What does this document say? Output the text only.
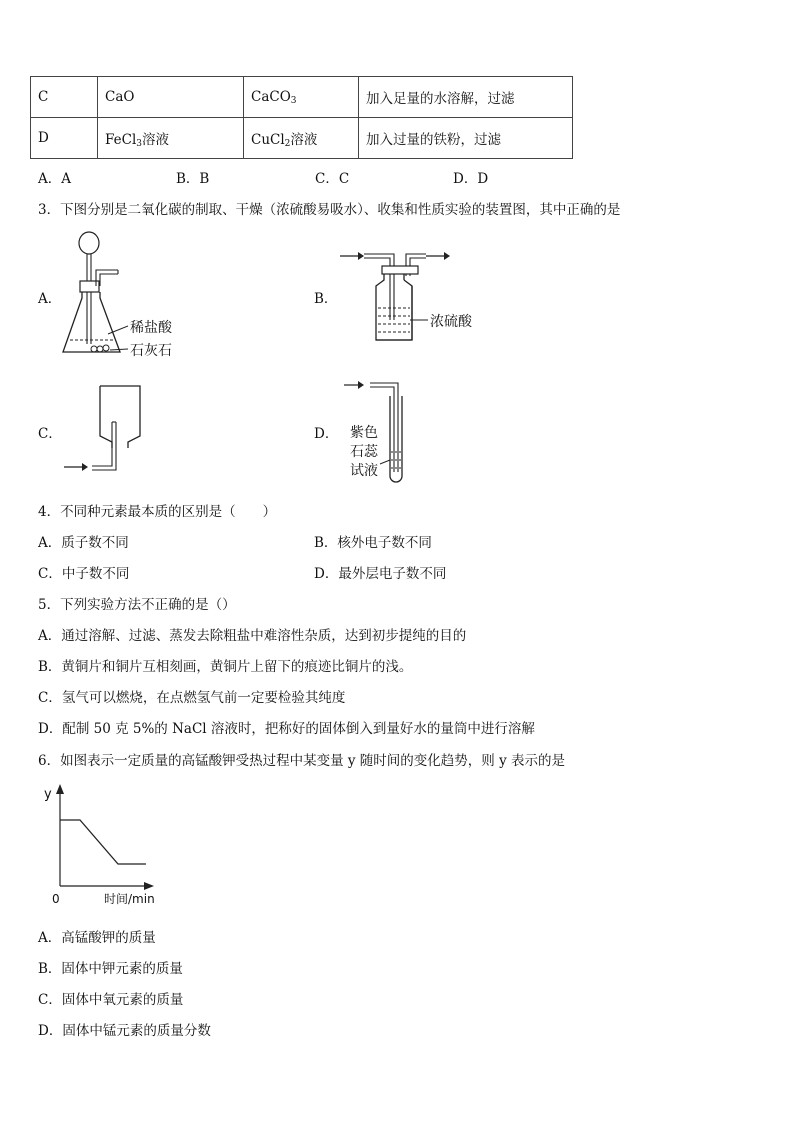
C	CaO	CaCO$_3$	加入足量的水溶解，过滤
D	FeCl$_3$溶液	CuCl$_2$溶液	加入过量的铁粉，过滤
A．A	B．B	C．C	D．D
3．下图分别是二氧化碳的制取、干燥（浓硫酸易吸水）、收集和性质实验的装置图，其中正确的是
A．
稀盐酸
石灰石
B．
浓硫酸
C．	D． 紫色
石蕊
试液
4．不同种元素最本质的区别是（　　）
A．质子数不同	B．核外电子数不同
C．中子数不同	D．最外层电子数不同
5．下列实验方法不正确的是（）
A．通过溶解、过滤、蒸发去除粗盐中难溶性杂质，达到初步提纯的目的
B．黄铜片和铜片互相刻画，黄铜片上留下的痕迹比铜片的浅。
C．氢气可以燃烧，在点燃氢气前一定要检验其纯度
D．配制 50 克 5%的 NaCl 溶液时，把称好的固体倒入到量好水的量筒中进行溶解
6．如图表示一定质量的高锰酸钾受热过程中某变量 y 随时间的变化趋势，则 y 表示的是
y
0	时间/min
A．高锰酸钾的质量
B．固体中钾元素的质量
C．固体中氧元素的质量
D．固体中锰元素的质量分数
